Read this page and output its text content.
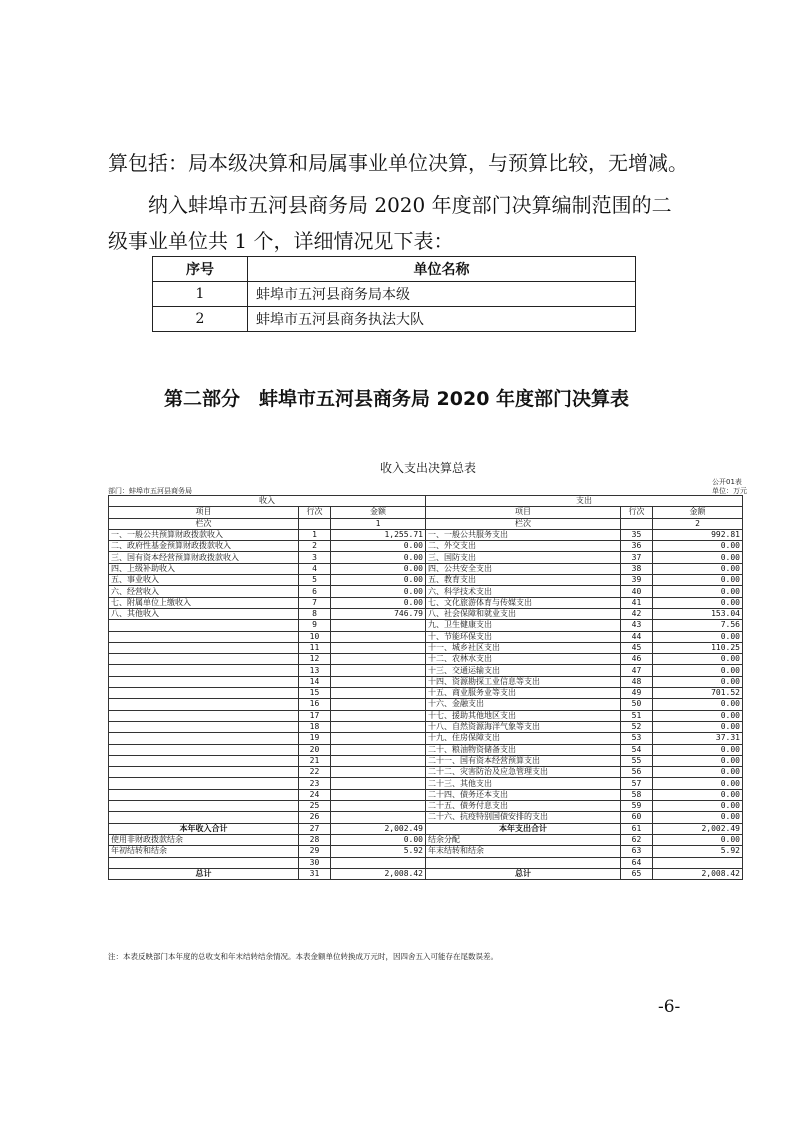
算包括：局本级决算和局属事业单位决算，与预算比较，无增减。
纳入蚌埠市五河县商务局 2020 年度部门决算编制范围的二
级事业单位共 1 个，详细情况见下表：
序号	单位名称
1	蚌埠市五河县商务局本级
2	蚌埠市五河县商务执法大队
第二部分　蚌埠市五河县商务局 2020 年度部门决算表
收入支出决算总表
公开01表
部门：蚌埠市五河县商务局	单位：万元
收入			支出		
项目	行次	金额	项目	行次	金额
栏次		1	栏次		2
一、一般公共预算财政拨款收入	1	1,255.71	一、一般公共服务支出	35	992.81
二、政府性基金预算财政拨款收入	2	0.00	二、外交支出	36	0.00
三、国有资本经营预算财政拨款收入	3	0.00	三、国防支出	37	0.00
四、上级补助收入	4	0.00	四、公共安全支出	38	0.00
五、事业收入	5	0.00	五、教育支出	39	0.00
六、经营收入	6	0.00	六、科学技术支出	40	0.00
七、附属单位上缴收入	7	0.00	七、文化旅游体育与传媒支出	41	0.00
八、其他收入	8	746.79	八、社会保障和就业支出	42	153.04
	9		九、卫生健康支出	43	7.56
	10		十、节能环保支出	44	0.00
	11		十一、城乡社区支出	45	110.25
	12		十二、农林水支出	46	0.00
	13		十三、交通运输支出	47	0.00
	14		十四、资源勘探工业信息等支出	48	0.00
	15		十五、商业服务业等支出	49	701.52
	16		十六、金融支出	50	0.00
	17		十七、援助其他地区支出	51	0.00
	18		十八、自然资源海洋气象等支出	52	0.00
	19		十九、住房保障支出	53	37.31
	20		二十、粮油物资储备支出	54	0.00
	21		二十一、国有资本经营预算支出	55	0.00
	22		二十二、灾害防治及应急管理支出	56	0.00
	23		二十三、其他支出	57	0.00
	24		二十四、债务还本支出	58	0.00
	25		二十五、债务付息支出	59	0.00
	26		二十六、抗疫特别国债安排的支出	60	0.00
本年收入合计	27	2,002.49	本年支出合计	61	2,002.49
使用非财政拨款结余	28	0.00	结余分配	62	0.00
年初结转和结余	29	5.92	年末结转和结余	63	5.92
	30			64	
总计	31	2,008.42	总计	65	2,008.42
注：本表反映部门本年度的总收支和年末结转结余情况。本表金额单位转换成万元时，因四舍五入可能存在尾数误差。
-6-
